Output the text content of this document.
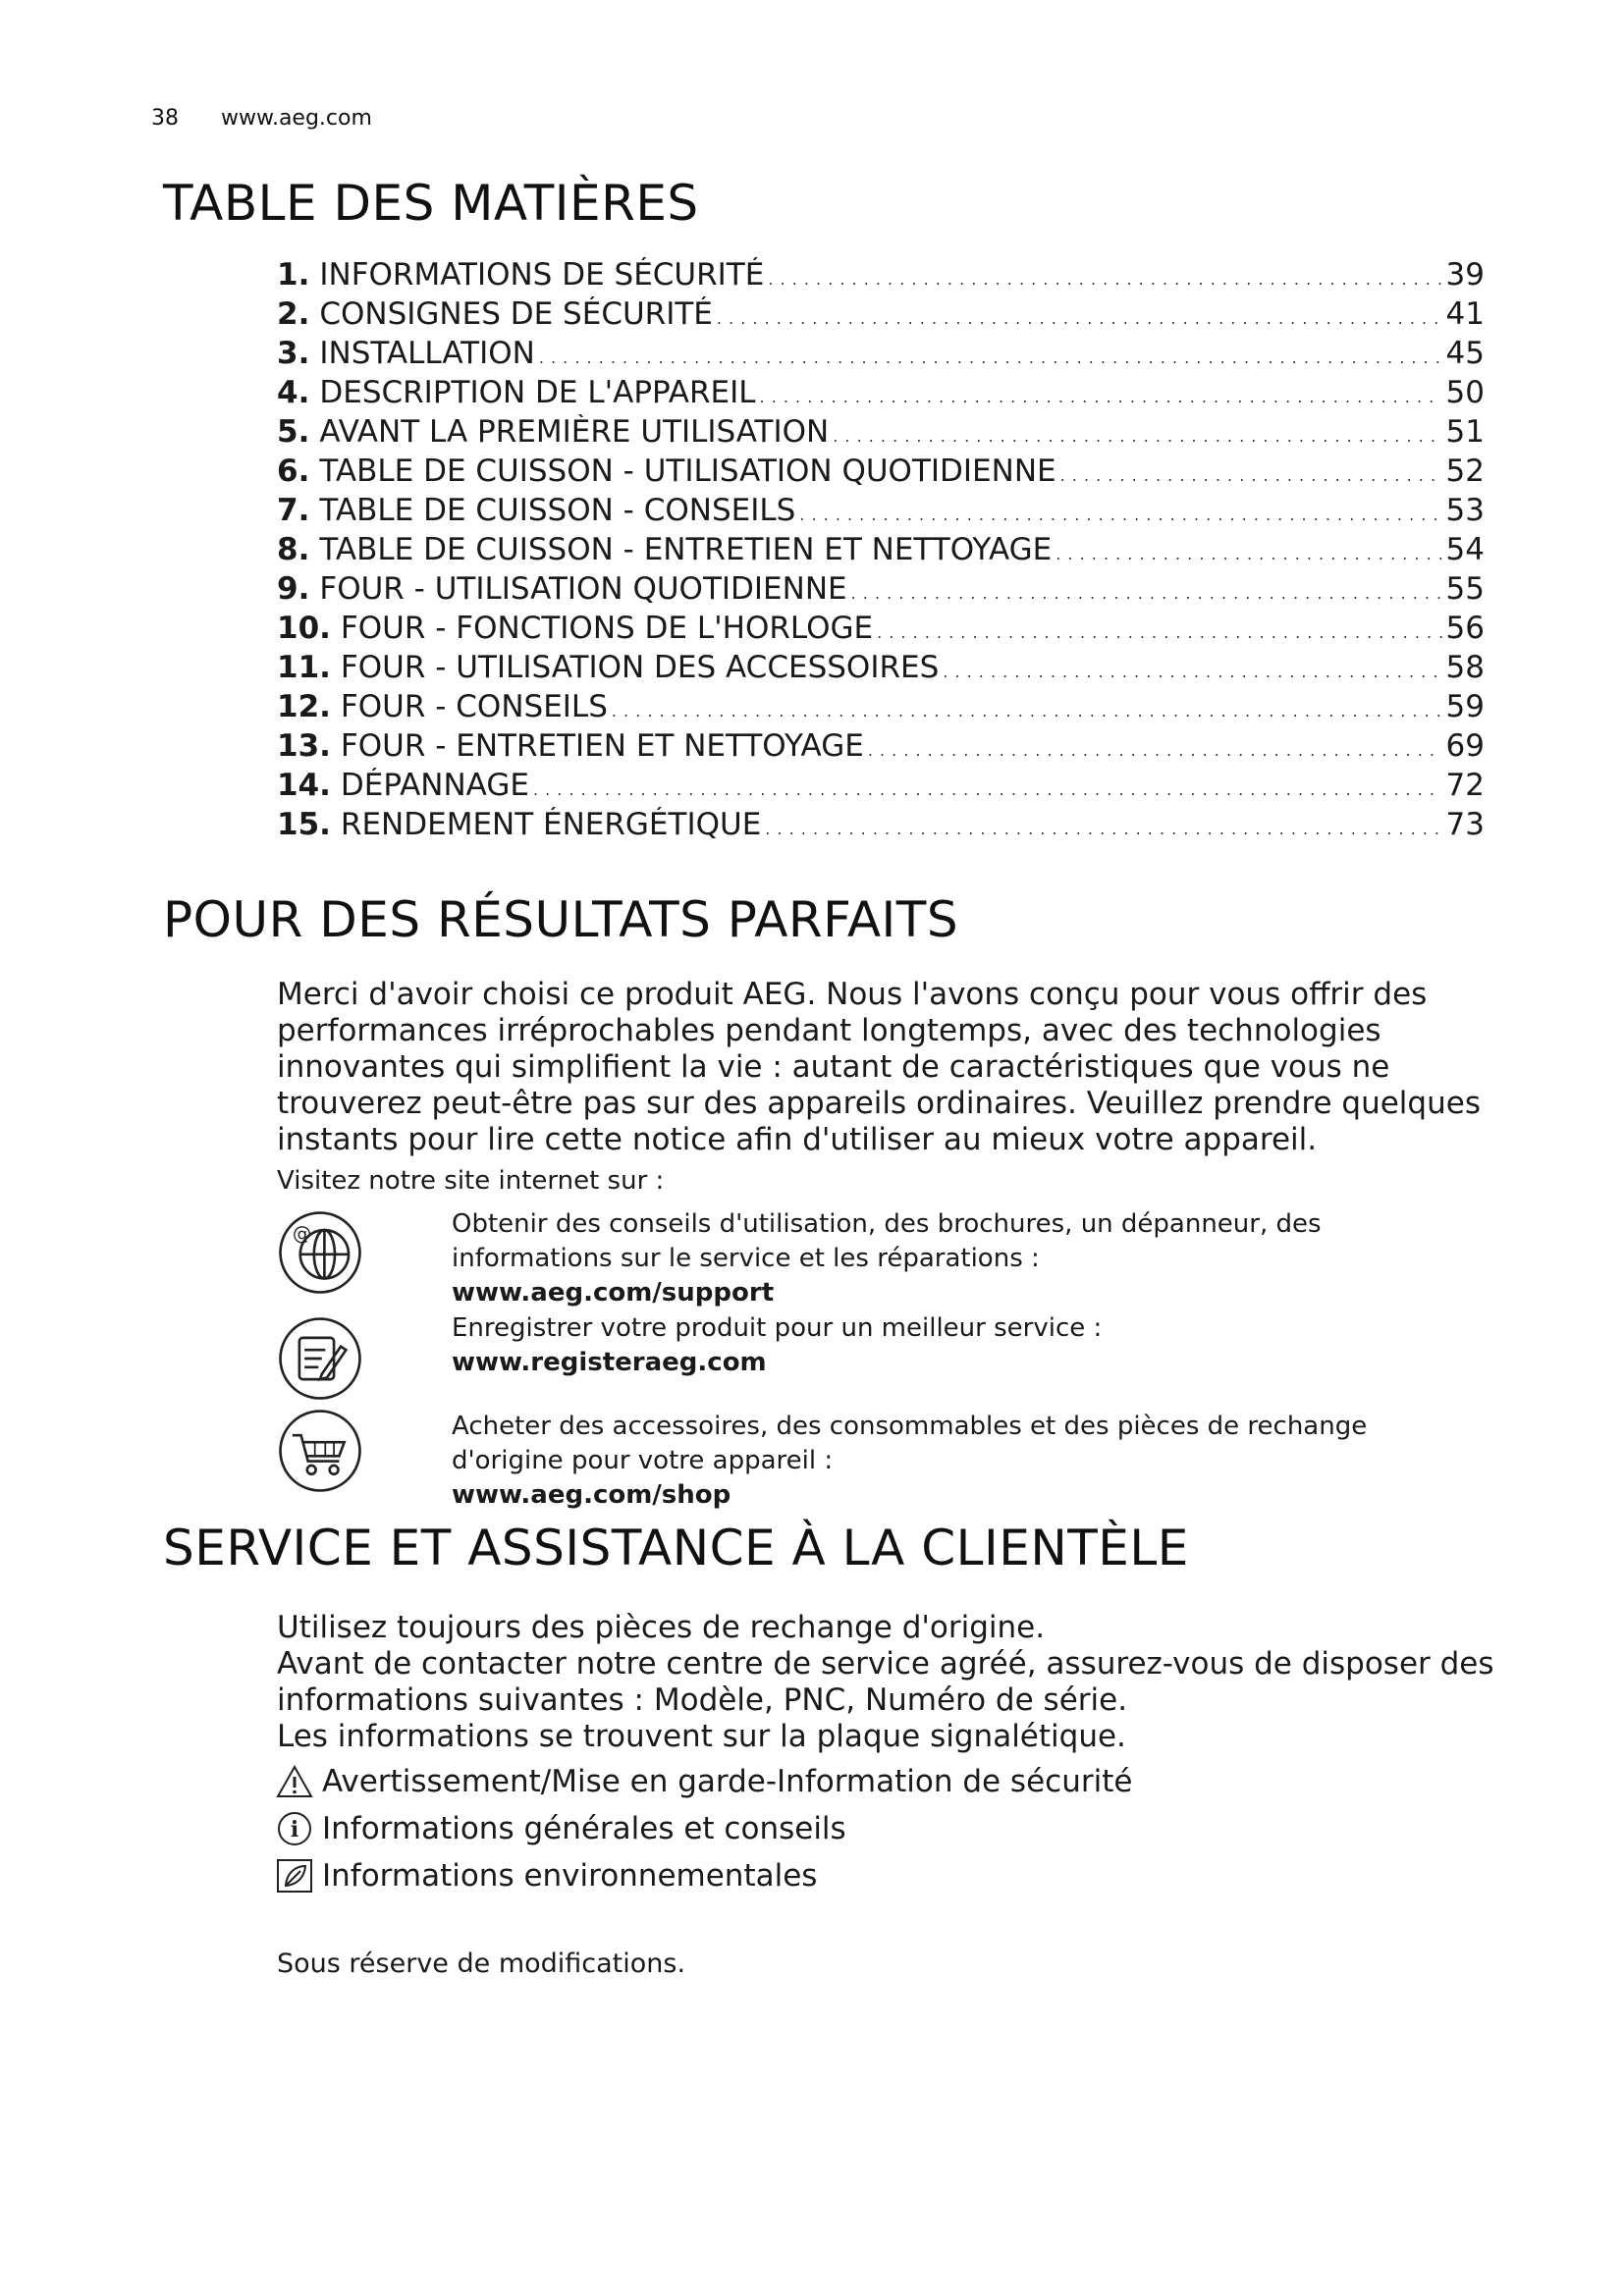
38 www.aeg.com
TABLE DES MATIÈRES
1. INFORMATIONS DE SÉCURITÉ . . .	39
2. CONSIGNES DE SÉCURITÉ . . .	41
3. INSTALLATION . . .	45
4. DESCRIPTION DE L'APPAREIL . . .	50
5. AVANT LA PREMIÈRE UTILISATION . . .	51
6. TABLE DE CUISSON - UTILISATION QUOTIDIENNE . . .	52
7. TABLE DE CUISSON - CONSEILS . . .	53
8. TABLE DE CUISSON - ENTRETIEN ET NETTOYAGE . . .	54
9. FOUR - UTILISATION QUOTIDIENNE . . .	55
10. FOUR - FONCTIONS DE L'HORLOGE . . .	56
11. FOUR - UTILISATION DES ACCESSOIRES . . .	58
12. FOUR - CONSEILS . . .	59
13. FOUR - ENTRETIEN ET NETTOYAGE . . .	69
14. DÉPANNAGE . . .	72
15. RENDEMENT ÉNERGÉTIQUE . . .	73
POUR DES RÉSULTATS PARFAITS

Merci d'avoir choisi ce produit AEG. Nous l'avons conçu pour vous offrir des performances irréprochables pendant longtemps, avec des technologies innovantes qui simplifient la vie : autant de caractéristiques que vous ne trouverez peut-être pas sur des appareils ordinaires. Veuillez prendre quelques instants pour lire cette notice afin d'utiliser au mieux votre appareil.

Visitez notre site internet sur :

@	Obtenir des conseils d'utilisation, des brochures, un dépanneur, des informations sur le service et les réparations :
www.aeg.com/support
Enregistrer votre produit pour un meilleur service :
www.registeraeg.com
Acheter des accessoires, des consommables et des pièces de rechange d'origine pour votre appareil :
www.aeg.com/shop
SERVICE ET ASSISTANCE À LA CLIENTÈLE

Utilisez toujours des pièces de rechange d'origine.

Avant de contacter notre centre de service agréé, assurez-vous de disposer des informations suivantes : Modèle, PNC, Numéro de série.

Les informations se trouvent sur la plaque signalétique.

Avertissement/Mise en garde-Information de sécurité
i Informations générales et conseils
Informations environnementales

Sous réserve de modifications.
